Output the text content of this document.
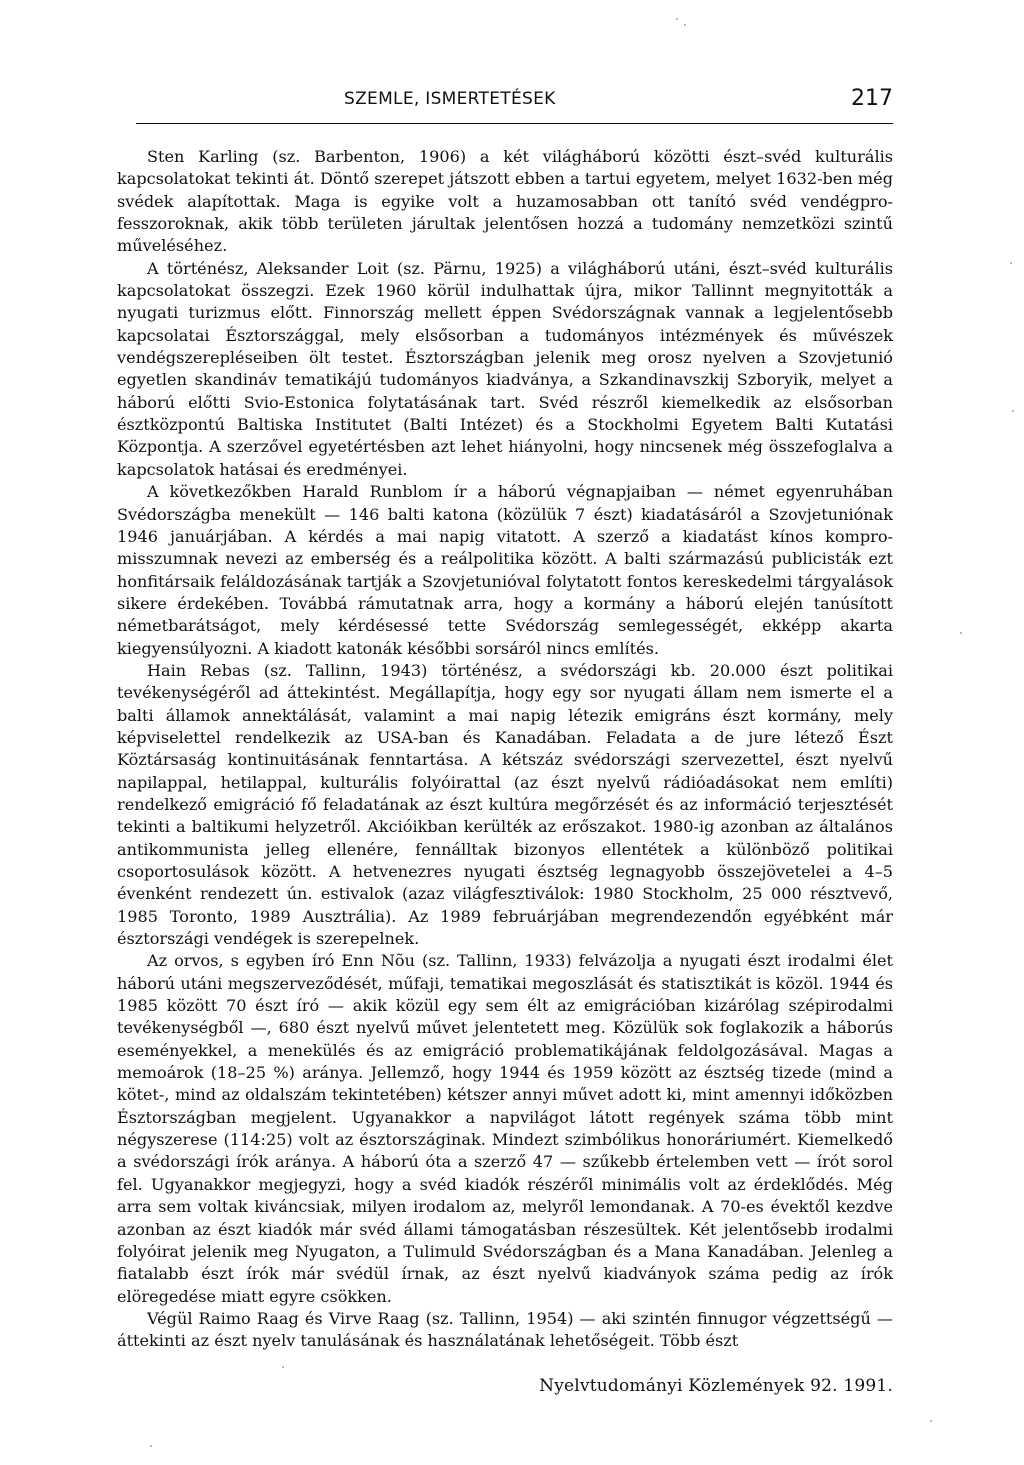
SZEMLE, ISMERTETÉSEK	217

Sten Karling (sz. Barbenton, 1906) a két világháború közötti észt–svéd kulturális kapcsolatokat tekinti át. Döntő szerepet játszott ebben a tartui egyetem, melyet 1632-ben még svédek alapítottak. Maga is egyike volt a huzamosabban ott tanító svéd vendégprofesszoroknak, akik több területen járultak jelentősen hozzá a tudomány nemzetközi szintű műveléséhez.

A történész, Aleksander Loit (sz. Pärnu, 1925) a világháború utáni, észt–svéd kulturális kapcsolatokat összegzi. Ezek 1960 körül indulhattak újra, mikor Tallinnt megnyitották a nyugati turizmus előtt. Finnország mellett éppen Svédországnak vannak a legjelentősebb kapcsolatai Észtországgal, mely elsősorban a tudományos intézmények és művészek vendégszerepléseiben ölt testet. Észtországban jelenik meg orosz nyelven a Szovjetunió egyetlen skandináv tematikájú tudományos kiadványa, a Szkandinavszkij Szboryik, melyet a háború előtti Svio-Estonica folytatásának tart. Svéd részről kiemelkedik az elsősorban észtközpontú Baltiska Institutet (Balti Intézet) és a Stockholmi Egyetem Balti Kutatási Központja. A szerzővel egyetértésben azt lehet hiányolni, hogy nincsenek még összefoglalva a kapcsolatok hatásai és eredményei.

A következőkben Harald Runblom ír a háború végnapjaiban — német egyenruhában Svédországba menekült — 146 balti katona (közülük 7 észt) kiadatásáról a Szovjetuniónak 1946 januárjában. A kérdés a mai napig vitatott. A szerző a kiadatást kínos kompromisszumnak nevezi az emberség és a reálpolitika között. A balti származású publicisták ezt honfitársaik feláldozásának tartják a Szovjetunióval folytatott fontos kereskedelmi tárgyalások sikere érdekében. Továbbá rámutatnak arra, hogy a kormány a háború elején tanúsított németbarátságot, mely kérdésessé tette Svédország semlegességét, ekképp akarta kiegyensúlyozni. A kiadott katonák későbbi sorsáról nincs említés.

Hain Rebas (sz. Tallinn, 1943) történész, a svédországi kb. 20.000 észt politikai tevékenységéről ad áttekintést. Megállapítja, hogy egy sor nyugati állam nem ismerte el a balti államok annektálását, valamint a mai napig létezik emigráns észt kormány, mely képviselettel rendelkezik az USA-ban és Kanadában. Feladata a de jure létező Észt Köztársaság kontinuitásának fenntartása. A kétszáz svédországi szervezettel, észt nyelvű napilappal, hetilappal, kulturális folyóirattal (az észt nyelvű rádióadásokat nem említi) rendelkező emigráció fő feladatának az észt kultúra megőrzését és az információ terjesztését tekinti a baltikumi helyzetről. Akcióikban kerülték az erőszakot. 1980-ig azonban az általános antikommunista jelleg ellenére, fennálltak bizonyos ellentétek a különböző politikai csoportosulások között. A hetvenezres nyugati észtség legnagyobb összejövetelei a 4–5 évenként rendezett ún. estivalok (azaz világfesztiválok: 1980 Stockholm, 25 000 résztvevő, 1985 Toronto, 1989 Ausztrália). Az 1989 februárjában megrendezendőn egyébként már észtországi vendégek is szerepelnek.

Az orvos, s egyben író Enn Nõu (sz. Tallinn, 1933) felvázolja a nyugati észt irodalmi élet háború utáni megszerveződését, műfaji, tematikai megoszlását és statisztikát is közöl. 1944 és 1985 között 70 észt író — akik közül egy sem élt az emigrációban kizárólag szépirodalmi tevékenységből —, 680 észt nyelvű művet jelentetett meg. Közülük sok foglakozik a háborús eseményekkel, a menekülés és az emigráció problematikájának feldolgozásával. Magas a memoárok (18–25 %) aránya. Jellemző, hogy 1944 és 1959 között az észtség tizede (mind a kötet-, mind az oldalszám tekintetében) kétszer annyi művet adott ki, mint amennyi időközben Észtországban megjelent. Ugyanakkor a napvilágot látott regények száma több mint négyszerese (114:25) volt az észtországinak. Mindezt szimbólikus honoráriumért. Kiemelkedő a svédországi írók aránya. A háború óta a szerző 47 — szűkebb értelemben vett — írót sorol fel. Ugyanakkor megjegyzi, hogy a svéd kiadók részéről minimális volt az érdeklődés. Még arra sem voltak kiváncsiak, milyen irodalom az, melyről lemondanak. A 70-es évektől kezdve azonban az észt kiadók már svéd állami támogatásban részesültek. Két jelentősebb irodalmi folyóirat jelenik meg Nyugaton, a Tulimuld Svédországban és a Mana Kanadában. Jelenleg a fiatalabb észt írók már svédül írnak, az észt nyelvű kiadványok száma pedig az írók elöregedése miatt egyre csökken.

Végül Raimo Raag és Virve Raag (sz. Tallinn, 1954) — aki szintén finnugor végzettségű — áttekinti az észt nyelv tanulásának és használatának lehetőségeit. Több észt

Nyelvtudományi Közlemények 92. 1991.
